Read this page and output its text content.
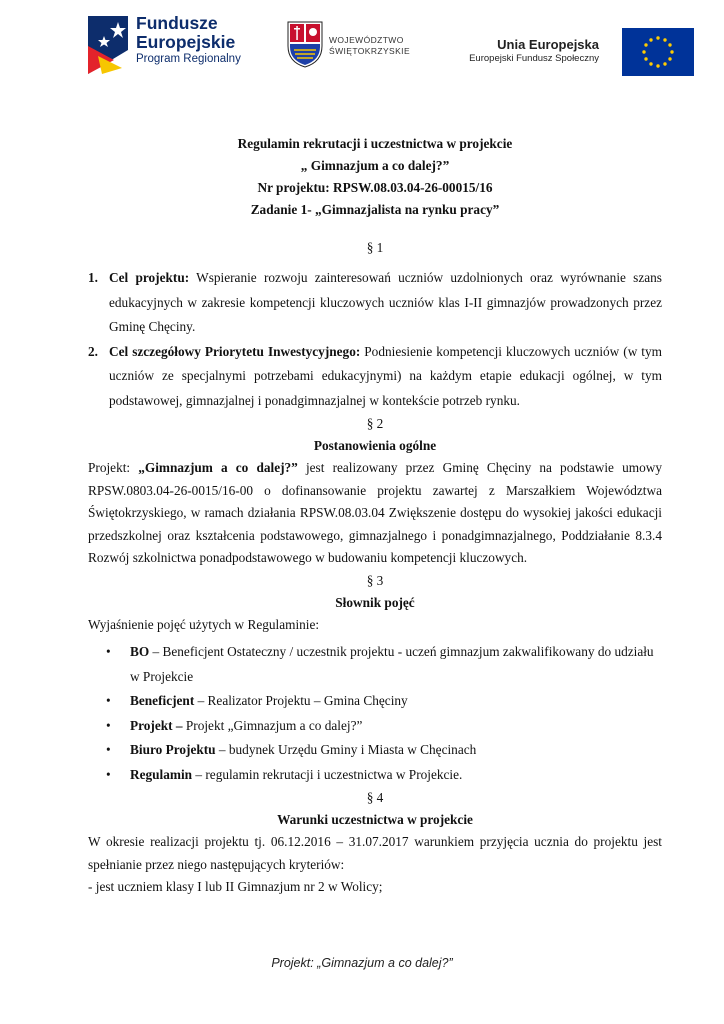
Fundusze
Europejskie
Program Regionalny
WOJEWÓDZTWO
ŚWIĘTOKRZYSKIE	Unia Europejska
Europejski Fundusz Społeczny
Regulamin rekrutacji i uczestnictwa w projekcie
„ Gimnazjum a co dalej?”
Nr projektu: RPSW.08.03.04-26-00015/16
Zadanie 1- „Gimnazjalista na rynku pracy”
§ 1
1. Cel projektu: Wspieranie rozwoju zainteresowań uczniów uzdolnionych oraz wyrównanie szans edukacyjnych w zakresie kompetencji kluczowych uczniów klas I-II gimnazjów prowadzonych przez Gminę Chęciny.
2. Cel szczegółowy Priorytetu Inwestycyjnego: Podniesienie kompetencji kluczowych uczniów (w tym uczniów ze specjalnymi potrzebami edukacyjnymi) na każdym etapie edukacji ogólnej, w tym podstawowej, gimnazjalnej i ponadgimnazjalnej w kontekście potrzeb rynku.
§ 2
Postanowienia ogólne

Projekt: „Gimnazjum a co dalej?” jest realizowany przez Gminę Chęciny na podstawie umowy RPSW.0803.04-26-0015/16-00 o dofinansowanie projektu zawartej z Marszałkiem Województwa Świętokrzyskiego, w ramach działania RPSW.08.03.04 Zwiększenie dostępu do wysokiej jakości edukacji przedszkolnej oraz kształcenia podstawowego, gimnazjalnego i ponadgimnazjalnego, Poddziałanie 8.3.4 Rozwój szkolnictwa ponadpodstawowego w budowaniu kompetencji kluczowych.

§ 3
Słownik pojęć

Wyjaśnienie pojęć użytych w Regulaminie:

• BO – Beneficjent Ostateczny / uczestnik projektu - uczeń gimnazjum zakwalifikowany do udziału w Projekcie
• Beneficjent – Realizator Projektu – Gmina Chęciny
• Projekt – Projekt „Gimnazjum a co dalej?”
• Biuro Projektu – budynek Urzędu Gminy i Miasta w Chęcinach
• Regulamin – regulamin rekrutacji i uczestnictwa w Projekcie.
§ 4
Warunki uczestnictwa w projekcie

W okresie realizacji projektu tj. 06.12.2016 – 31.07.2017 warunkiem przyjęcia ucznia do projektu jest spełnianie przez niego następujących kryteriów:

- jest uczniem klasy I lub II Gimnazjum nr 2 w Wolicy;

Projekt: „Gimnazjum a co dalej?”
